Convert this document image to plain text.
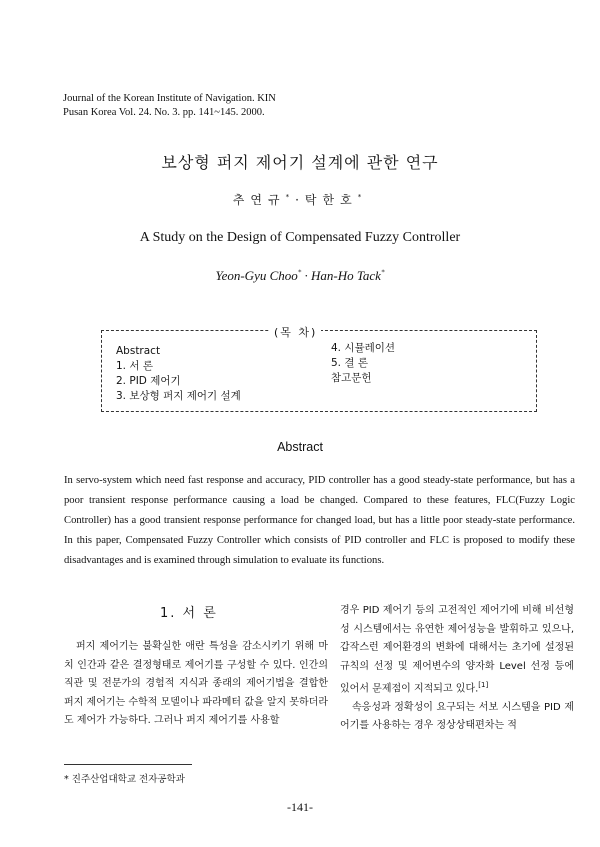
Journal of the Korean Institute of Navigation. KIN
Pusan Korea Vol. 24. No. 3. pp. 141~145. 2000.
보상형 퍼지 제어기 설계에 관한 연구
추연규*·탁한호*
A Study on the Design of Compensated Fuzzy Controller
Yeon-Gyu Choo* · Han-Ho Tack*
(목 차)
Abstract
1. 서 론
2. PID 제어기
3. 보상형 퍼지 제어기 설계
4. 시뮬레이션
5. 결 론
참고문헌
Abstract
In servo-system which need fast response and accuracy, PID controller has a good steady-state performance, but has a poor transient response performance causing a load be changed. Compared to these features, FLC(Fuzzy Logic Controller) has a good transient response performance for changed load, but has a little poor steady-state performance. In this paper, Compensated Fuzzy Controller which consists of PID controller and FLC is proposed to modify these disadvantages and is examined through simulation to evaluate its functions.
1. 서 론

퍼지 제어기는 불확실한 애란 특성을 감소시키기 위해 마치 인간과 같은 결정형태로 제어기를 구성할 수 있다. 인간의 직관 및 전문가의 경험적 지식과 종래의 제어기법을 결합한 퍼지 제어기는 수학적 모델이나 파라메터 값을 알지 못하더라도 제어가 가능하다. 그러나 퍼지 제어기를 사용할

경우 PID 제어기 등의 고전적인 제어기에 비해 비선형성 시스템에서는 유연한 제어성능을 발휘하고 있으나, 갑작스런 제어환경의 변화에 대해서는 초기에 설정된 규칙의 선정 및 제어변수의 양자화 Level 선정 등에 있어서 문제점이 지적되고 있다.[1]

속응성과 정확성이 요구되는 서보 시스템을 PID 제어기를 사용하는 경우 정상상태편차는 적

* 진주산업대학교 전자공학과
-141-
